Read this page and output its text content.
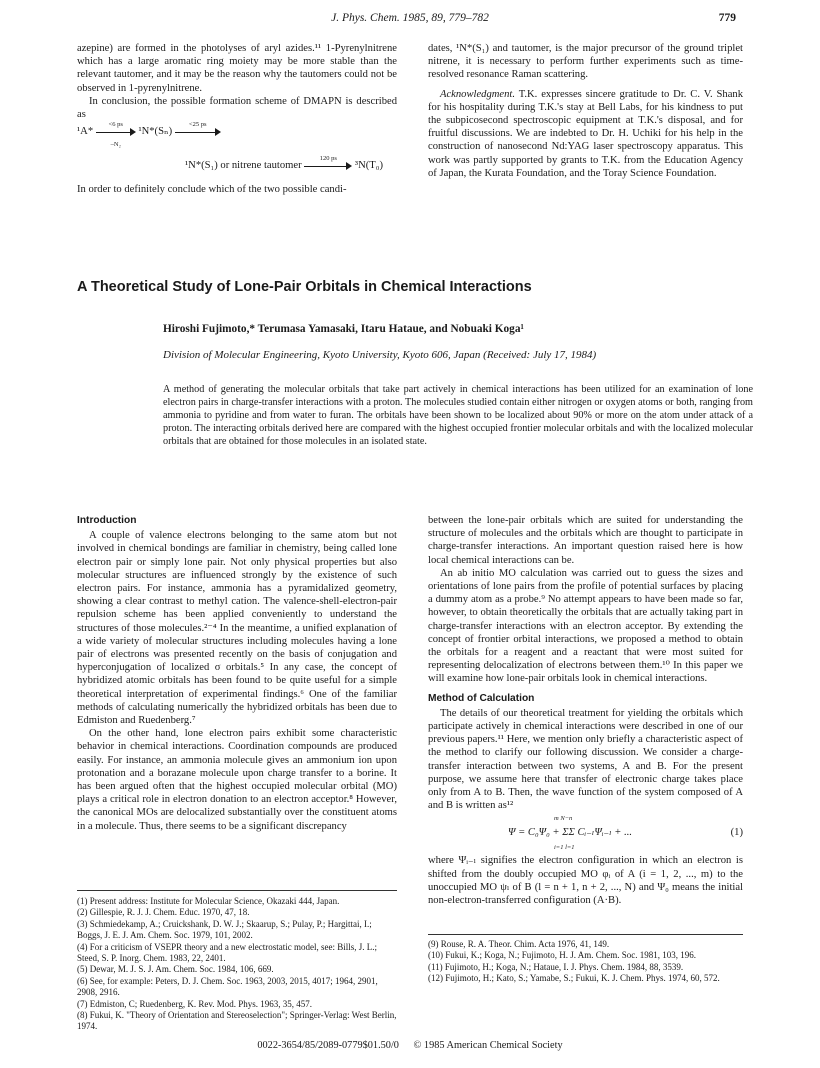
J. Phys. Chem. 1985, 89, 779–782	779

azepine) are formed in the photolyses of aryl azides.¹¹ 1-Pyrenylnitrene which has a large aromatic ring moiety may be more stable than the relevant tautomer, and it may be the reason why the tautomers could not be observed in 1-pyrenylnitrene.

In conclusion, the possible formation scheme of DMAPN is described as

$^1A* \frac{<6 ps}{\text{–N₂}} ^1N*(S_n)$
<25 ps
¹N*(S₁) or nitrene tautomer
120 ps
³N(T₀)

In order to definitely conclude which of the two possible candi-

dates, ¹N*(S₁) and tautomer, is the major precursor of the ground triplet nitrene, it is necessary to perform further experiments such as time-resolved resonance Raman scattering.

Acknowledgment. T.K. expresses sincere gratitude to Dr. C. V. Shank for his hospitality during T.K.'s stay at Bell Labs, for his kindness to put the subpicosecond spectroscopic equipment at T.K.'s disposal, and for fruitful discussions. We are indebted to Dr. H. Uchiki for his help in the construction of nanosecond Nd:YAG laser spectroscopy apparatus. This work was partly supported by grants to T.K. from the Education Agency of Japan, the Kurata Foundation, and the Toray Science Foundation.

A Theoretical Study of Lone-Pair Orbitals in Chemical Interactions
Hiroshi Fujimoto,* Terumasa Yamasaki, Itaru Hataue, and Nobuaki Koga¹
Division of Molecular Engineering, Kyoto University, Kyoto 606, Japan (Received: July 17, 1984)
A method of generating the molecular orbitals that take part actively in chemical interactions has been utilized for an examination of lone electron pairs in charge-transfer interactions with a proton. The molecules studied contain either nitrogen or oxygen atoms or both, ranging from ammonia to pyridine and from water to furan. The orbitals have been shown to be localized about 90% or more on the atom under attack of a proton. The interacting orbitals derived here are compared with the highest occupied frontier molecular orbitals and with the localized molecular orbitals that are obtained for those molecules in an isolated state.
Introduction

A couple of valence electrons belonging to the same atom but not involved in chemical bondings are familiar in chemistry, being called lone electron pair or simply lone pair. Not only physical properties but also molecular structures are influenced strongly by the existence of such electron pairs. For instance, ammonia has a pyramidalized geometry, showing a clear contrast to methyl cation. The valence-shell-electron-pair repulsion scheme has been applied conveniently to understand the structures of those molecules.²⁻⁴ In the meantime, a unified explanation of a wide variety of molecular structures including molecules having a lone pair of electrons was presented recently on the basis of conjugation and hyperconjugation of localized σ orbitals.⁵ In any case, the concept of hybridized atomic orbitals has been found to be quite useful for a simple theoretical interpretation of experimental findings.⁶ One of the familiar methods of calculating numerically the hybridized orbitals has been due to Edmiston and Ruedenberg.⁷

On the other hand, lone electron pairs exhibit some characteristic behavior in chemical interactions. Coordination compounds are produced easily. For instance, an ammonia molecule gives an ammonium ion upon protonation and a borazane molecule upon charge transfer to a borine. It has been argued often that the highest occupied molecular orbital (MO) plays a critical role in electron donation to an electron acceptor.⁸ However, the canonical MOs are delocalized substantially over the constituent atoms in a molecule. Thus, there seems to be a significant discrepancy

between the lone-pair orbitals which are suited for understanding the structure of molecules and the orbitals which are thought to participate in charge-transfer interactions. An important question raised here is how local chemical interactions can be.

An ab initio MO calculation was carried out to guess the sizes and orientations of lone pairs from the profile of potential surfaces by placing a dummy atom as a probe.⁹ No attempt appears to have been made so far, however, to obtain theoretically the orbitals that are actually taking part in charge-transfer interactions with an electron acceptor. By extending the concept of frontier orbital interactions, we proposed a method to obtain the orbitals for a reagent and a reactant that were most suited for representing delocalization of electrons between them.¹⁰ In this paper we will examine how lone-pair orbitals look in chemical interactions.

Method of Calculation

The details of our theoretical treatment for yielding the orbitals which participate actively in chemical interactions were described in one of our previous papers.¹¹ Here, we mention only briefly a characteristic aspect of the method to clarify our following discussion. We consider a charge-transfer interaction between two systems, A and B. For the present purpose, we assume here that transfer of electronic charge takes place only from A to B. Then, the wave function of the system composed of A and B is written as¹²

m N−n
Ψ = C₀Ψ₀ + ΣΣ Cᵢ₋ₗΨᵢ₋ₗ + ...
i=1 l=1
(1)

where Ψᵢ₋ₗ signifies the electron configuration in which an electron is shifted from the doubly occupied MO φᵢ of A (i = 1, 2, ..., m) to the unoccupied MO ψₗ of B (l = n + 1, n + 2, ..., N) and Ψ₀ means the initial non-electron-transferred configuration (A·B).

(1) Present address: Institute for Molecular Science, Okazaki 444, Japan.
(2) Gillespie, R. J. J. Chem. Educ. 1970, 47, 18.
(3) Schmiedekamp, A.; Cruickshank, D. W. J.; Skaarup, S.; Pulay, P.; Hargittai, I.; Boggs, J. E. J. Am. Chem. Soc. 1979, 101, 2002.
(4) For a criticism of VSEPR theory and a new electrostatic model, see: Bills, J. L.; Steed, S. P. Inorg. Chem. 1983, 22, 2401.
(5) Dewar, M. J. S. J. Am. Chem. Soc. 1984, 106, 669.
(6) See, for example: Peters, D. J. Chem. Soc. 1963, 2003, 2015, 4017; 1964, 2901, 2908, 2916.
(7) Edmiston, C; Ruedenberg, K. Rev. Mod. Phys. 1963, 35, 457.
(8) Fukui, K. "Theory of Orientation and Stereoselection"; Springer-Verlag: West Berlin, 1974.
(9) Rouse, R. A. Theor. Chim. Acta 1976, 41, 149.
(10) Fukui, K.; Koga, N.; Fujimoto, H. J. Am. Chem. Soc. 1981, 103, 196.
(11) Fujimoto, H.; Koga, N.; Hataue, I. J. Phys. Chem. 1984, 88, 3539.
(12) Fujimoto, H.; Kato, S.; Yamabe, S.; Fukui, K. J. Chem. Phys. 1974, 60, 572.
0022-3654/85/2089-0779$01.50/0 © 1985 American Chemical Society
